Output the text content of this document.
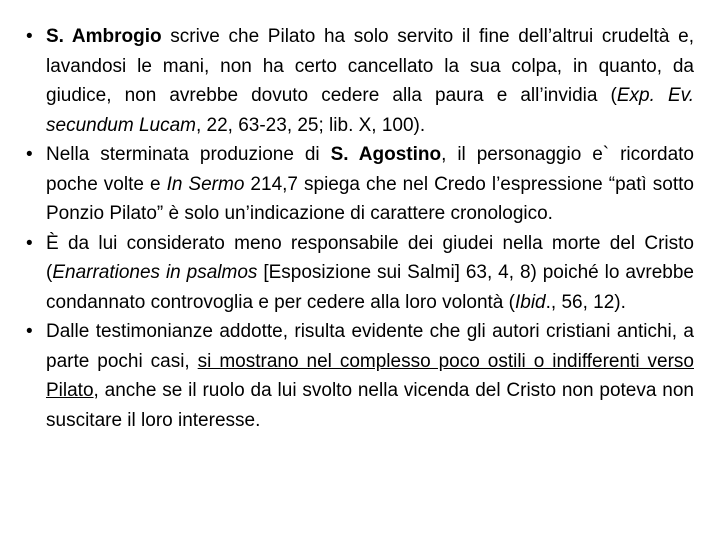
• S. Ambrogio scrive che Pilato ha solo servito il fine dell’altrui crudeltà e, lavandosi le mani, non ha certo cancellato la sua colpa, in quanto, da giudice, non avrebbe dovuto cedere alla paura e all’invidia (Exp. Ev. secundum Lucam, 22, 63-23, 25; lib. X, 100).
• Nella sterminata produzione di S. Agostino, il personaggio e` ricordato poche volte e In Sermo 214,7 spiega che nel Credo l’espressione “patì sotto Ponzio Pilato” è solo un’indicazione di carattere cronologico.
• È da lui considerato meno responsabile dei giudei nella morte del Cristo (Enarrationes in psalmos [Esposizione sui Salmi] 63, 4, 8) poiché lo avrebbe condannato controvoglia e per cedere alla loro volontà (Ibid., 56, 12).
• Dalle testimonianze addotte, risulta evidente che gli autori cristiani antichi, a parte pochi casi, si mostrano nel complesso poco ostili o indifferenti verso Pilato, anche se il ruolo da lui svolto nella vicenda del Cristo non poteva non suscitare il loro interesse.
